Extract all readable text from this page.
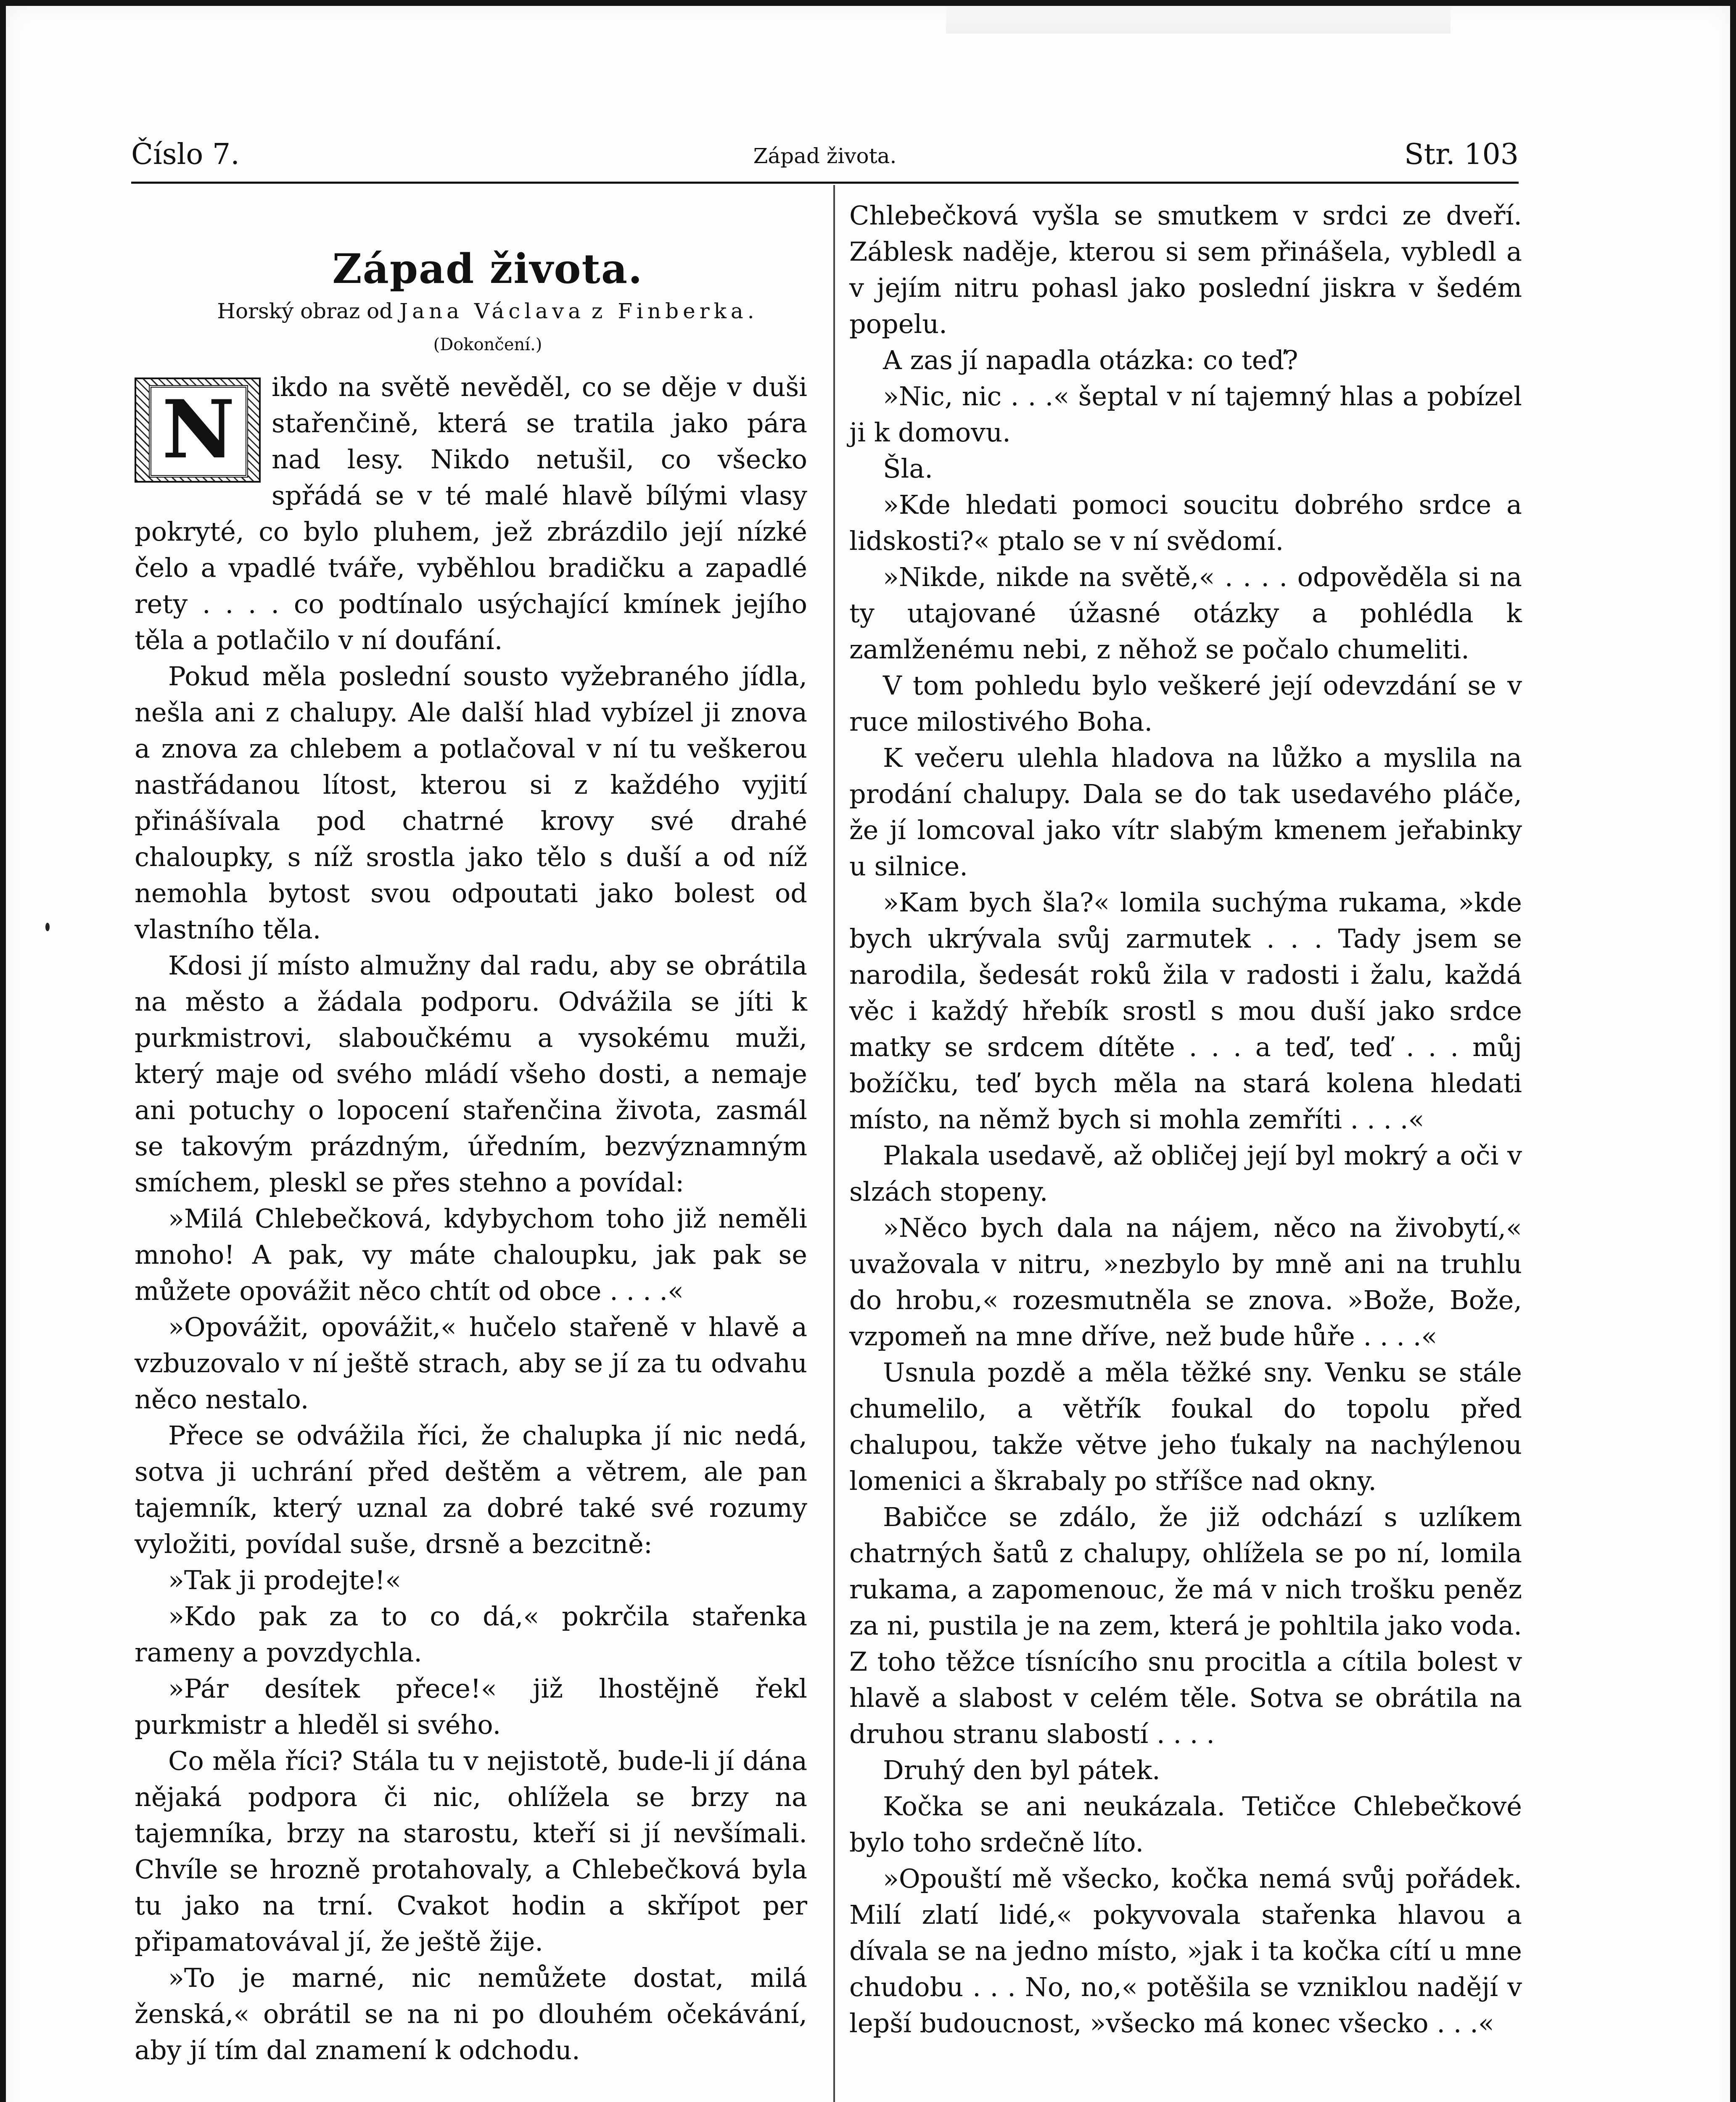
Číslo 7.	Západ života.	Str. 103

Západ života.

Horský obraz od Jana Václava z Finberka.

(Dokončení.)

N	ikdo na světě nevěděl, co se děje v duši stařenčině, která se tratila jako pára nad lesy. Nikdo netušil, co všecko spřádá se v té malé hlavě bílými vlasy pokryté, co bylo pluhem, jež zbrázdilo její nízké čelo a vpadlé tváře, vyběhlou bradičku a zapadlé rety . . . . co podtínalo usýchající kmínek jejího těla a potlačilo v ní doufání.

Pokud měla poslední sousto vyžebraného jídla, nešla ani z chalupy. Ale další hlad vybízel ji znova a znova za chlebem a potlačoval v ní tu veškerou nastřádanou lítost, kterou si z každého vyjití přinášívala pod chatrné krovy své drahé chaloupky, s níž srostla jako tělo s duší a od níž nemohla bytost svou odpoutati jako bolest od vlastního těla.

Kdosi jí místo almužny dal radu, aby se obrátila na město a žádala podporu. Odvážila se jíti k purkmistrovi, slaboučkému a vysokému muži, který maje od svého mládí všeho dosti, a nemaje ani potuchy o lopocení stařenčina života, zasmál se takovým prázdným, úředním, bezvýznamným smíchem, pleskl se přes stehno a povídal:

»Milá Chlebečková, kdybychom toho již neměli mnoho! A pak, vy máte chaloupku, jak pak se můžete opovážit něco chtít od obce . . . .«

»Opovážit, opovážit,« hučelo stařeně v hlavě a vzbuzovalo v ní ještě strach, aby se jí za tu odvahu něco nestalo.

Přece se odvážila říci, že chalupka jí nic nedá, sotva ji uchrání před deštěm a větrem, ale pan tajemník, který uznal za dobré také své rozumy vyložiti, povídal suše, drsně a bezcitně:

»Tak ji prodejte!«

»Kdo pak za to co dá,« pokrčila stařenka rameny a povzdychla.

»Pár desítek přece!« již lhostějně řekl purkmistr a hleděl si svého.

Co měla říci? Stála tu v nejistotě, bude-li jí dána nějaká podpora či nic, ohlížela se brzy na tajemníka, brzy na starostu, kteří si jí nevšímali. Chvíle se hrozně protahovaly, a Chlebečková byla tu jako na trní. Cvakot hodin a skřípot per připamatovával jí, že ještě žije.

»To je marné, nic nemůžete dostat, milá ženská,« obrátil se na ni po dlouhém očekávání, aby jí tím dal znamení k odchodu.

Chlebečková vyšla se smutkem v srdci ze dveří. Záblesk naděje, kterou si sem přinášela, vybledl a v jejím nitru pohasl jako poslední jiskra v šedém popelu.

A zas jí napadla otázka: co teď?

»Nic, nic . . .« šeptal v ní tajemný hlas a pobízel ji k domovu.

Šla.

»Kde hledati pomoci soucitu dobrého srdce a lidskosti?« ptalo se v ní svědomí.

»Nikde, nikde na světě,« . . . . odpověděla si na ty utajované úžasné otázky a pohlédla k zamlženému nebi, z něhož se počalo chumeliti.

V tom pohledu bylo veškeré její odevzdání se v ruce milostivého Boha.

K večeru ulehla hladova na lůžko a myslila na prodání chalupy. Dala se do tak usedavého pláče, že jí lomcoval jako vítr slabým kmenem jeřabinky u silnice.

»Kam bych šla?« lomila suchýma rukama, »kde bych ukrývala svůj zarmutek . . . Tady jsem se narodila, šedesát roků žila v radosti i žalu, každá věc i každý hřebík srostl s mou duší jako srdce matky se srdcem dítěte . . . a teď, teď . . . můj božíčku, teď bych měla na stará kolena hledati místo, na němž bych si mohla zemříti . . . .«

Plakala usedavě, až obličej její byl mokrý a oči v slzách stopeny.

»Něco bych dala na nájem, něco na živobytí,« uvažovala v nitru, »nezbylo by mně ani na truhlu do hrobu,« rozesmutněla se znova. »Bože, Bože, vzpomeň na mne dříve, než bude hůře . . . .«

Usnula pozdě a měla těžké sny. Venku se stále chumelilo, a větřík foukal do topolu před chalupou, takže větve jeho ťukaly na nachýlenou lomenici a škrabaly po stříšce nad okny.

Babičce se zdálo, že již odchází s uzlíkem chatrných šatů z chalupy, ohlížela se po ní, lomila rukama, a zapomenouc, že má v nich trošku peněz za ni, pustila je na zem, která je pohltila jako voda. Z toho těžce tísnícího snu procitla a cítila bolest v hlavě a slabost v celém těle. Sotva se obrátila na druhou stranu slabostí . . . .

Druhý den byl pátek.

Kočka se ani neukázala. Tetičce Chlebečkové bylo toho srdečně líto.

»Opouští mě všecko, kočka nemá svůj pořádek. Milí zlatí lidé,« pokyvovala stařenka hlavou a dívala se na jedno místo, »jak i ta kočka cítí u mne chudobu . . . No, no,« potěšila se vzniklou nadějí v lepší budoucnost, »všecko má konec všecko . . .«
